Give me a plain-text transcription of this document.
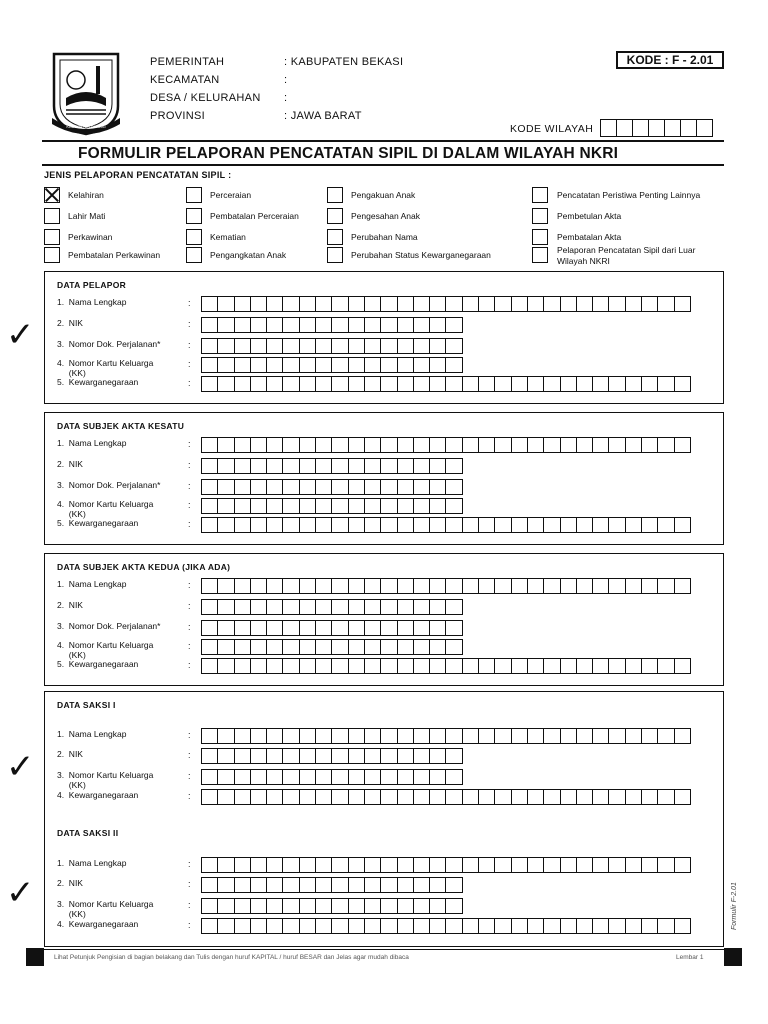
KABUPATEN BEKASI
PEMERINTAH	: KABUPATEN BEKASI
KECAMATAN	:
DESA / KELURAHAN :
PROVINSI	: JAWA BARAT
KODE : F - 2.01
KODE WILAYAH
FORMULIR PELAPORAN PENCATATAN SIPIL DI DALAM WILAYAH NKRI
JENIS PELAPORAN PENCATATAN SIPIL :
Kelahiran
Lahir Mati
Perkawinan
Pembatalan Perkawinan
Perceraian
Pembatalan Perceraian
Kematian
Pengangkatan Anak
Pengakuan Anak
Pengesahan Anak
Perubahan Nama
Perubahan Status Kewarganegaraan
Pencatatan Peristiwa Penting Lainnya
Pembetulan Akta
Pembatalan Akta
Pelaporan Pencatatan Sipil dari Luar Wilayah NKRI
DATA PELAPOR
1.  Nama Lengkap	:
2.  NIK	:
3.  Nomor Dok. Perjalanan*	:
4.  Nomor Kartu Keluarga
(KK)
:
5.  Kewarganegaraan	:
DATA SUBJEK AKTA KESATU
1.  Nama Lengkap	:
2.  NIK	:
3.  Nomor Dok. Perjalanan*	:
4.  Nomor Kartu Keluarga
(KK)
:
5.  Kewarganegaraan	:
DATA SUBJEK AKTA KEDUA (JIKA ADA)
1.  Nama Lengkap	:
2.  NIK	:
3.  Nomor Dok. Perjalanan*	:
4.  Nomor Kartu Keluarga
(KK)
:
5.  Kewarganegaraan	:
DATA SAKSI I
1.  Nama Lengkap	:
2.  NIK	:
3.  Nomor Kartu Keluarga
(KK)
:
4.  Kewarganegaraan	:
DATA SAKSI II
1.  Nama Lengkap	:
2.  NIK	:
3.  Nomor Kartu Keluarga
(KK)
:
4.  Kewarganegaraan	:
✓
✓
✓	Formulir F-2.01
Lihat Petunjuk Pengisian di bagian belakang dan Tulis dengan huruf KAPITAL / huruf BESAR dan Jelas agar mudah dibaca	Lembar 1
